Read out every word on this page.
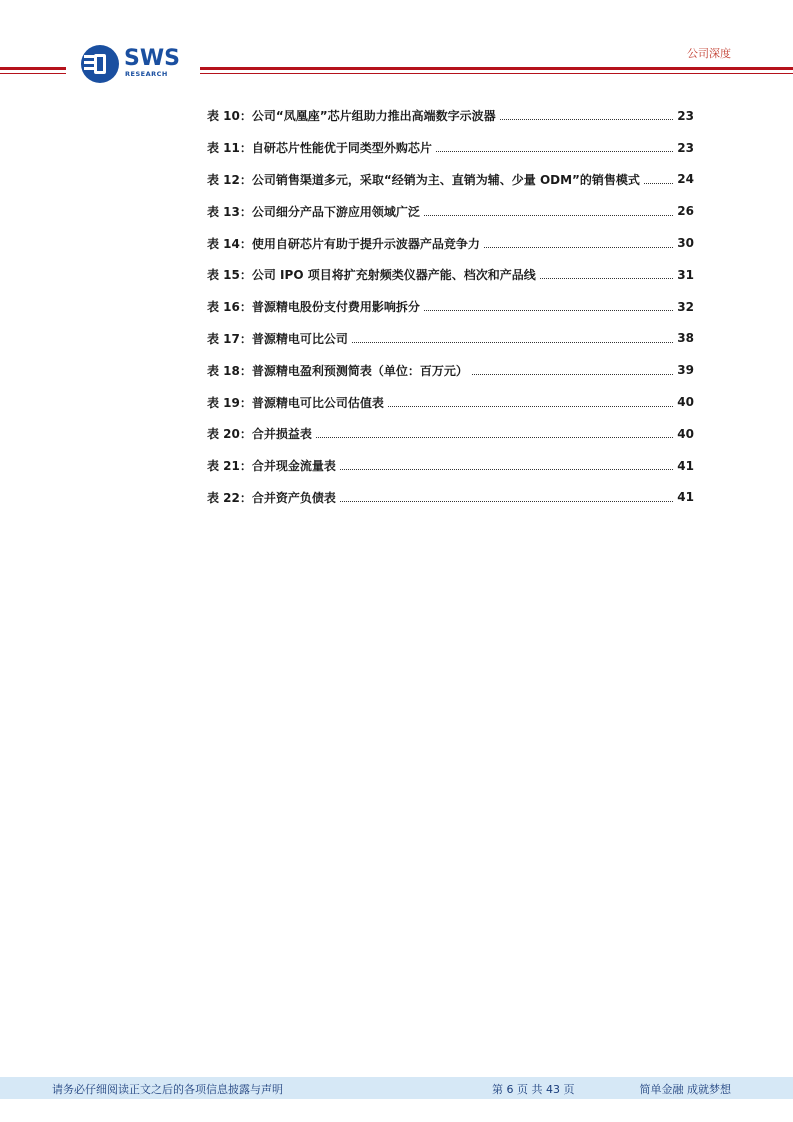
SWS
RESEARCH
公司深度
表 10：公司“凤凰座”芯片组助力推出高端数字示波器	23
表 11：自研芯片性能优于同类型外购芯片	23
表 12：公司销售渠道多元，采取“经销为主、直销为辅、少量 ODM”的销售模式	24
表 13：公司细分产品下游应用领域广泛	26
表 14：使用自研芯片有助于提升示波器产品竞争力	30
表 15：公司 IPO 项目将扩充射频类仪器产能、档次和产品线	31
表 16：普源精电股份支付费用影响拆分	32
表 17：普源精电可比公司	38
表 18：普源精电盈利预测简表（单位：百万元）	39
表 19：普源精电可比公司估值表	40
表 20：合并损益表	40
表 21：合并现金流量表	41
表 22：合并资产负债表	41
请务必仔细阅读正文之后的各项信息披露与声明	第 6 页 共 43 页	简单金融 成就梦想
